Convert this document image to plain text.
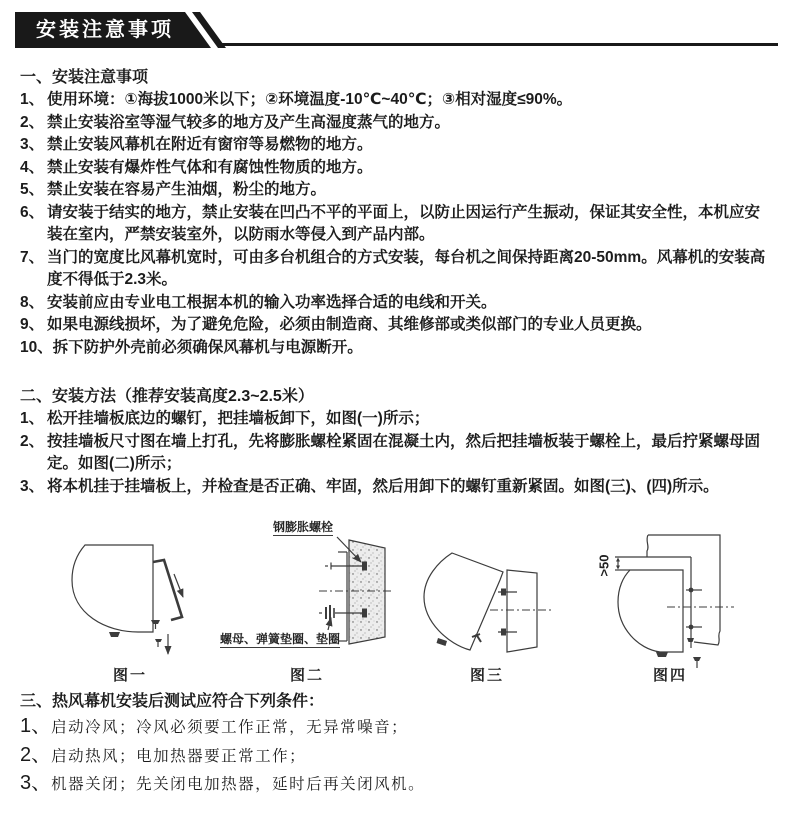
安装注意事项
一、安装注意事项
1、 使用环境：①海拔1000米以下；②环境温度-10℃~40℃；③相对湿度≤90%。
2、 禁止安装浴室等湿气较多的地方及产生高湿度蒸气的地方。
3、 禁止安装风幕机在附近有窗帘等易燃物的地方。
4、 禁止安装有爆炸性气体和有腐蚀性物质的地方。
5、 禁止安装在容易产生油烟，粉尘的地方。
6、 请安装于结实的地方，禁止安装在凹凸不平的平面上，以防止因运行产生振动，保证其安全性，本机应安装在室内，严禁安装室外，以防雨水等侵入到产品内部。
7、 当门的宽度比风幕机宽时，可由多台机组合的方式安装，每台机之间保持距离20-50mm。风幕机的安装高度不得低于2.3米。
8、 安装前应由专业电工根据本机的输入功率选择合适的电线和开关。
9、 如果电源线损坏，为了避免危险，必须由制造商、其维修部或类似部门的专业人员更换。
10、 拆下防护外壳前必须确保风幕机与电源断开。
二、安装方法（推荐安装高度2.3~2.5米）
1、 松开挂墙板底边的螺钉，把挂墙板卸下，如图(一)所示；
2、 按挂墙板尺寸图在墙上打孔，先将膨胀螺栓紧固在混凝土内，然后把挂墙板装于螺栓上，最后拧紧螺母固定。如图(二)所示；
3、 将本机挂于挂墙板上，并检查是否正确、牢固，然后用卸下的螺钉重新紧固。如图(三)、(四)所示。
图一
钢膨胀螺栓
螺母、弹簧垫圈、垫圈
图二	图三
>50
图四
三、热风幕机安装后测试应符合下列条件：
1、 启动冷风；冷风必须要工作正常，无异常噪音；
2、 启动热风；电加热器要正常工作；
3、 机器关闭；先关闭电加热器，延时后再关闭风机。
